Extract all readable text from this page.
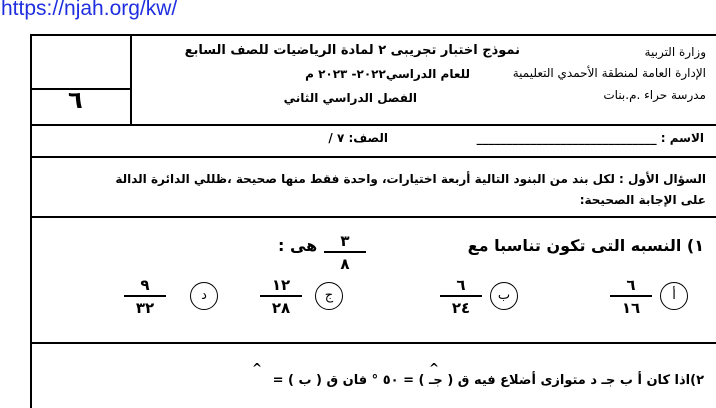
https://njah.org/kw/
٦
وزارة التربية
الإدارة العامة لمنطقة الأحمدي التعليمية
مدرسة حراء .م.بنات
نموذج اختبار تجريبى ٢ لمادة الرياضيات للصف السابع
للعام الدراسي٢٠٢٢- ٢٠٢٣ م
الفصل الدراسي الثاني
الاسم : ______________________________
الصف: ٧ /
السؤال الأول : لكل بند من البنود التالية أربعة اختيارات، واحدة فقط منها صحيحة ،ظللي الدائرة الدالة
على الإجابة الصحيحة:
١) النسبه التى تكون تناسبا مع
٣
٨
هى :
أ
٦
١٦
ب
٦
٢٤
ج
١٢
٢٨
د
٩
٣٢
٢)اذا كان أ ب جـ د متوازى أضلاع فيه ق ( جـ ) = ٥٠ ° فان ق ( ب ) =
^
^
